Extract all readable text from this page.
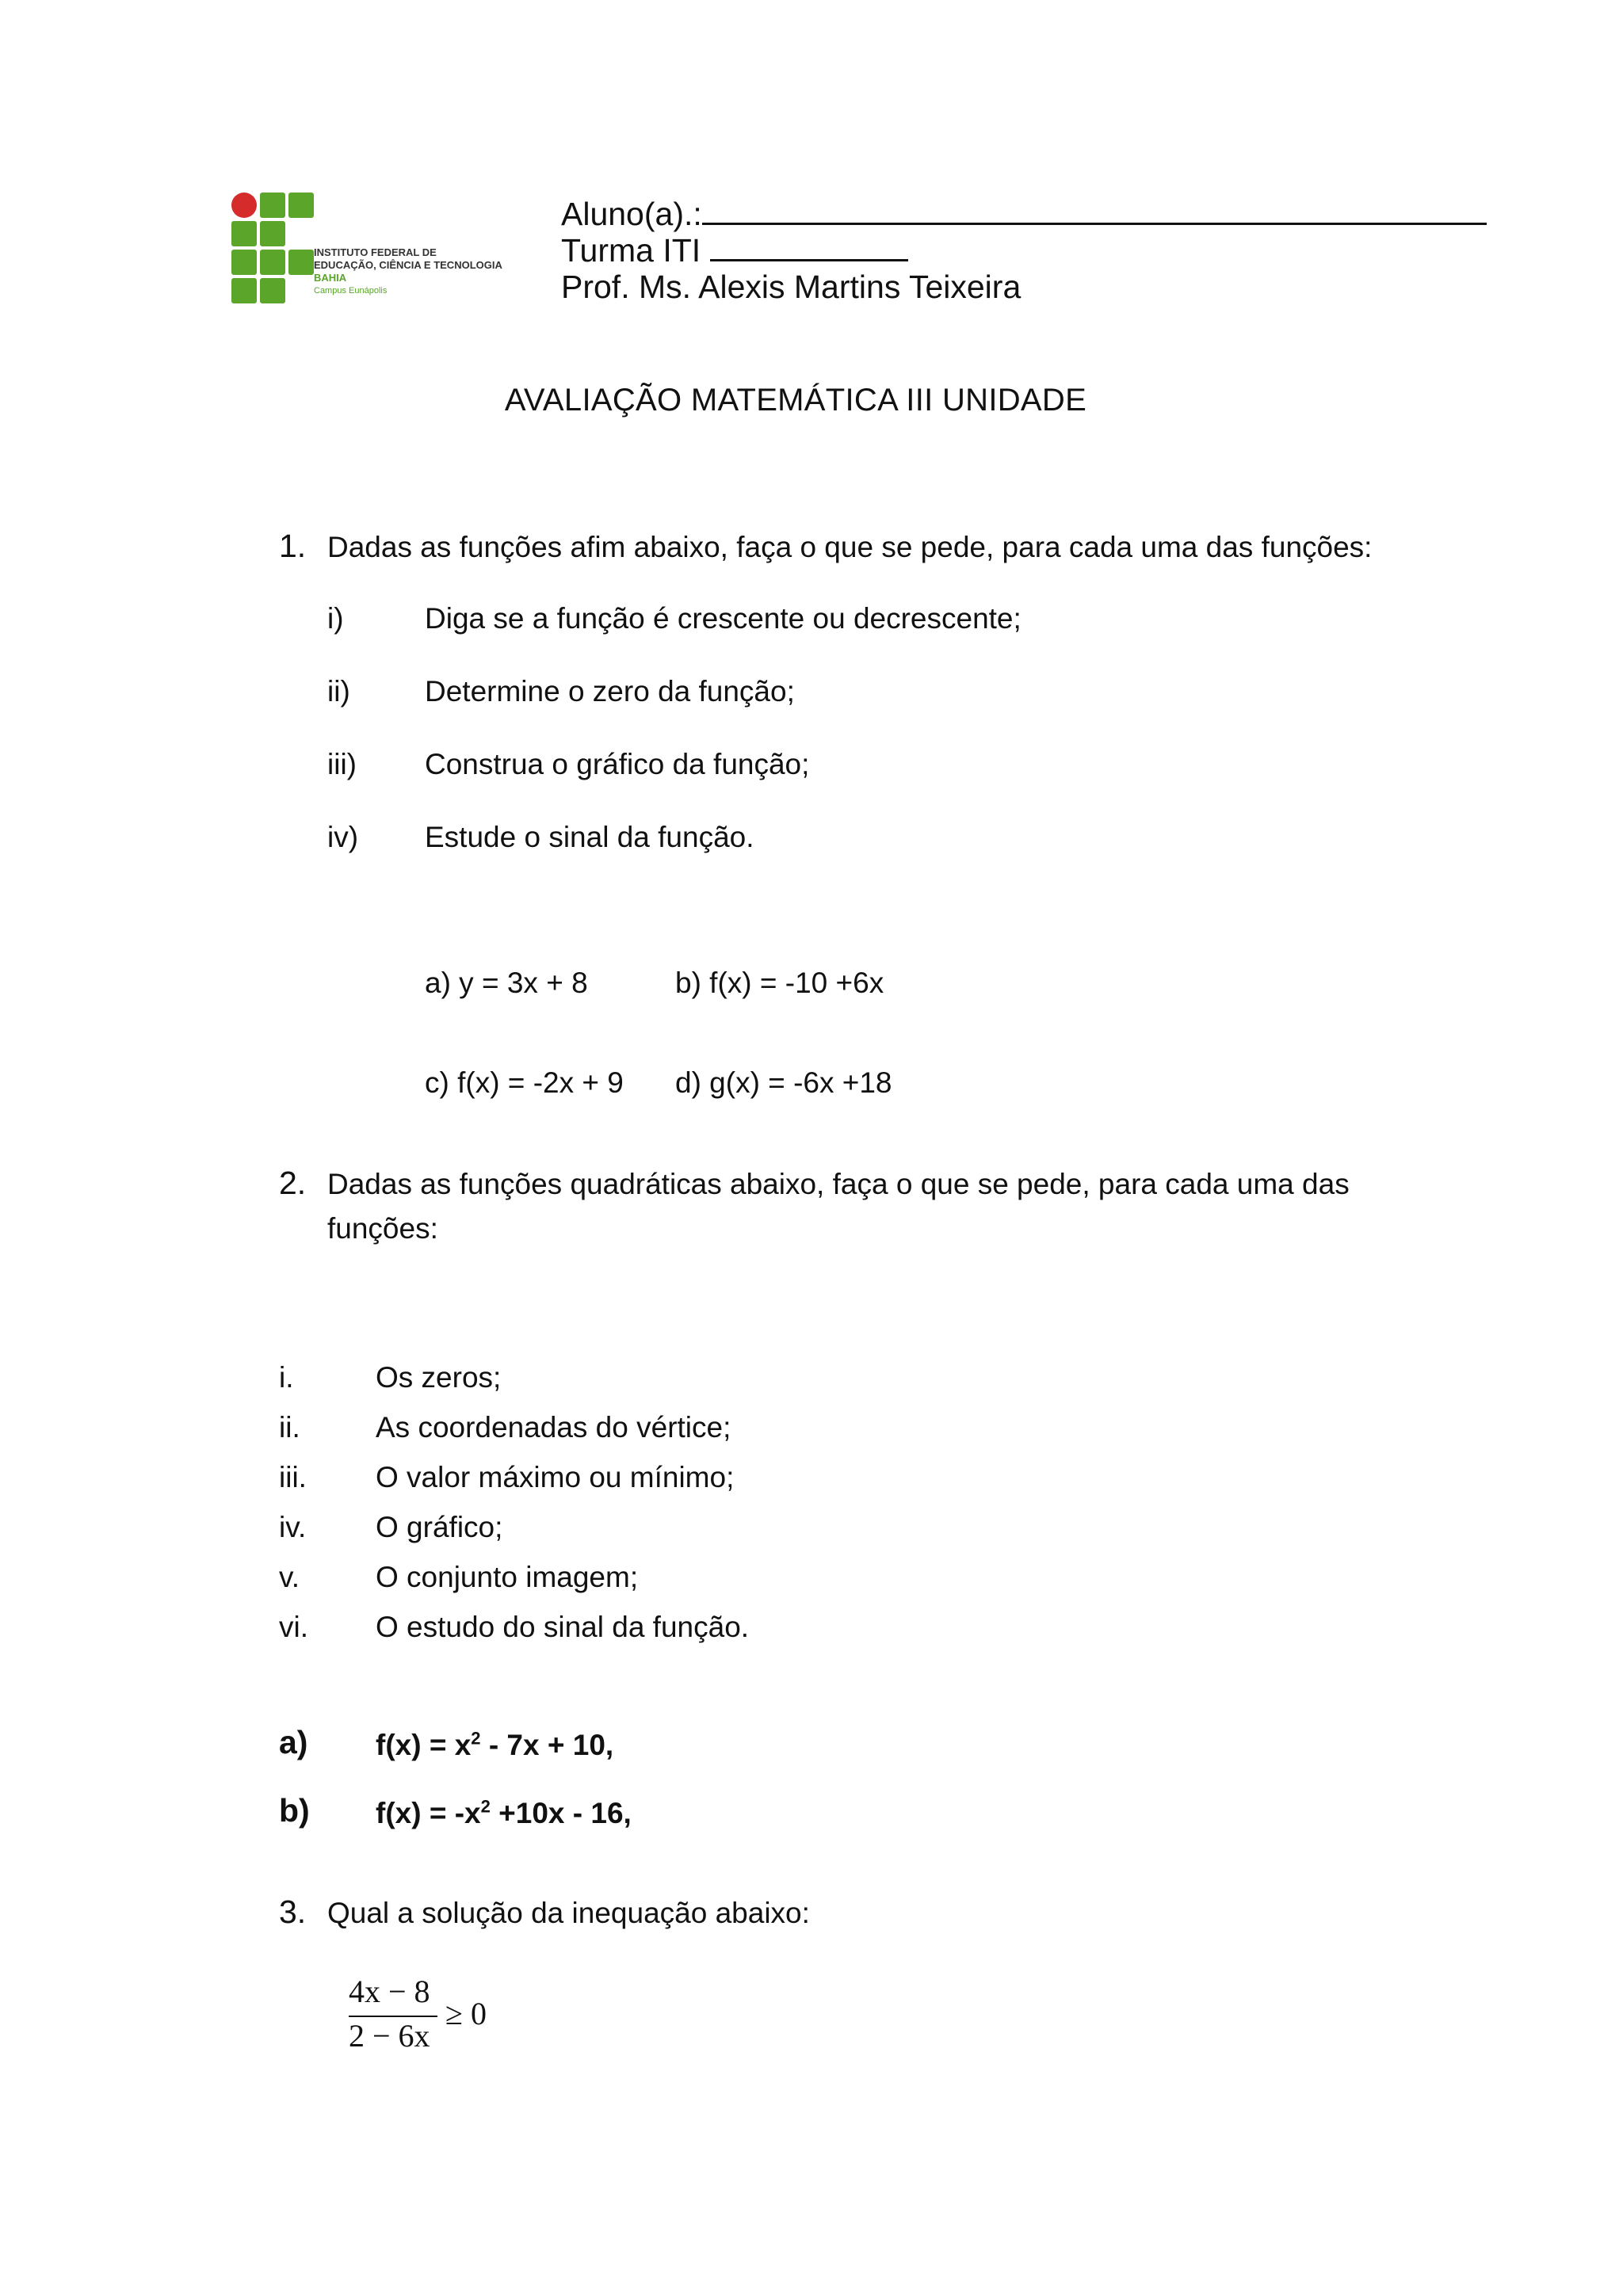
INSTITUTO FEDERAL DE
EDUCAÇÃO, CIÊNCIA E TECNOLOGIA
BAHIA
Campus Eunápolis
Aluno(a).:
Turma ITI
Prof. Ms. Alexis Martins Teixeira
AVALIAÇÃO MATEMÁTICA III UNIDADE
1. Dadas as funções afim abaixo, faça o que se pede, para cada uma das funções:
i)	Diga se a função é crescente ou decrescente;
ii)	Determine o zero da função;
iii) Construa o gráfico da função;
iv) Estude o sinal da função.
a) y = 3x + 8	b) f(x) = -10 +6x
c) f(x) = -2x + 9 d) g(x) = -6x +18
2. Dadas as funções quadráticas abaixo, faça o que se pede, para cada uma das
funções:
i.	Os zeros;
ii.	As coordenadas do vértice;
iii. O valor máximo ou mínimo;
iv. O gráfico;
v.	O conjunto imagem;
vi. O estudo do sinal da função.
a) $f(x) = x^2 - 7x + 10$,
b) $f(x) = -x^2 +10x - 16$,
3. Qual a solução da inequação abaixo:
4x − 8
2 − 6x
≥ 0
